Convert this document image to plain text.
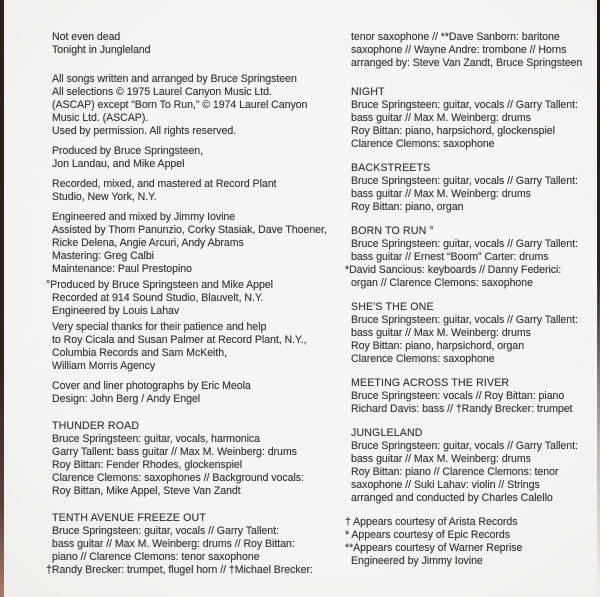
Not even dead
Tonight in Jungleland
All songs written and arranged by Bruce Springsteen
All selections © 1975 Laurel Canyon Music Ltd.
(ASCAP) except “Born To Run,” © 1974 Laurel Canyon
Music Ltd. (ASCAP).
Used by permission. All rights reserved.
Produced by Bruce Springsteen,
Jon Landau, and Mike Appel
Recorded, mixed, and mastered at Record Plant
Studio, New York, N.Y.
Engineered and mixed by Jimmy Iovine
Assisted by Thom Panunzio, Corky Stasiak, Dave Thoener,
Ricke Delena, Angie Arcuri, Andy Abrams
Mastering: Greg Calbi
Maintenance: Paul Prestopino
°Produced by Bruce Springsteen and Mike Appel
Recorded at 914 Sound Studio, Blauvelt, N.Y.
Engineered by Louis Lahav
Very special thanks for their patience and help
to Roy Cicala and Susan Palmer at Record Plant, N.Y.,
Columbia Records and Sam McKeith,
William Morris Agency
Cover and liner photographs by Eric Meola
Design: John Berg / Andy Engel
THUNDER ROAD
Bruce Springsteen: guitar, vocals, harmonica
Garry Tallent: bass guitar // Max M. Weinberg: drums
Roy Bittan: Fender Rhodes, glockenspiel
Clarence Clemons: saxophones // Background vocals:
Roy Bittan, Mike Appel, Steve Van Zandt
TENTH AVENUE FREEZE OUT
Bruce Springsteen: guitar, vocals // Garry Tallent:
bass guitar // Max M. Weinberg: drums // Roy Bittan:
piano // Clarence Clemons: tenor saxophone
†Randy Brecker: trumpet, flugel horn // †Michael Brecker:
tenor saxophone // **Dave Sanborn: baritone
saxophone // Wayne Andre: trombone // Horns
arranged by: Steve Van Zandt, Bruce Springsteen
NIGHT
Bruce Springsteen: guitar, vocals // Garry Tallent:
bass guitar // Max M. Weinberg: drums
Roy Bittan: piano, harpsichord, glockenspiel
Clarence Clemons: saxophone
BACKSTREETS
Bruce Springsteen: guitar, vocals // Garry Tallent:
bass guitar // Max M. Weinberg: drums
Roy Bittan: piano, organ
BORN TO RUN °
Bruce Springsteen: guitar, vocals // Garry Tallent:
bass guitar // Ernest “Boom” Carter: drums
*David Sancious: keyboards // Danny Federici:
organ // Clarence Clemons: saxophone
SHE'S THE ONE
Bruce Springsteen: guitar, vocals // Garry Tallent:
bass guitar // Max M. Weinberg: drums
Roy Bittan: piano, harpsichord, organ
Clarence Clemons: saxophone
MEETING ACROSS THE RIVER
Bruce Springsteen: vocals // Roy Bittan: piano
Richard Davis: bass // †Randy Brecker: trumpet
JUNGLELAND
Bruce Springsteen: guitar, vocals // Garry Tallent:
bass guitar // Max M. Weinberg: drums
Roy Bittan: piano // Clarence Clemons: tenor
saxophone // Suki Lahav: violin // Strings
arranged and conducted by Charles Calello
† Appears courtesy of Arista Records
* Appears courtesy of Epic Records
**Appears courtesy of Warner Reprise
Engineered by Jimmy Iovine
